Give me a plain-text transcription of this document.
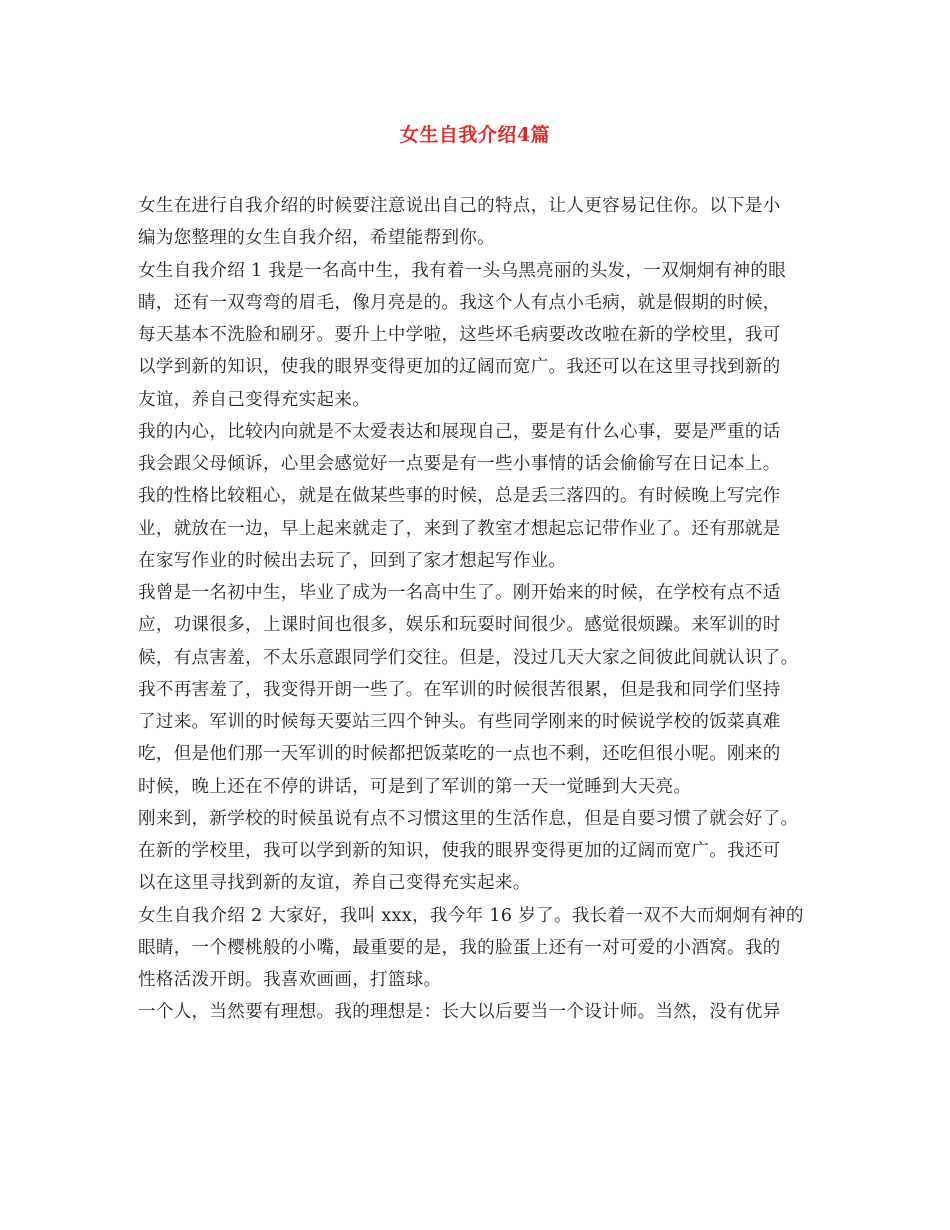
女生自我介绍4篇
女生在进行自我介绍的时候要注意说出自己的特点，让人更容易记住你。以下是小
编为您整理的女生自我介绍，希望能帮到你。
女生自我介绍 1 我是一名高中生，我有着一头乌黑亮丽的头发，一双炯炯有神的眼
睛，还有一双弯弯的眉毛，像月亮是的。我这个人有点小毛病，就是假期的时候，
每天基本不洗脸和刷牙。要升上中学啦，这些坏毛病要改改啦在新的学校里，我可
以学到新的知识，使我的眼界变得更加的辽阔而宽广。我还可以在这里寻找到新的
友谊，养自己变得充实起来。
我的内心，比较内向就是不太爱表达和展现自己，要是有什么心事，要是严重的话
我会跟父母倾诉，心里会感觉好一点要是有一些小事情的话会偷偷写在日记本上。
我的性格比较粗心，就是在做某些事的时候，总是丢三落四的。有时候晚上写完作
业，就放在一边，早上起来就走了，来到了教室才想起忘记带作业了。还有那就是
在家写作业的时候出去玩了，回到了家才想起写作业。
我曾是一名初中生，毕业了成为一名高中生了。刚开始来的时候，在学校有点不适
应，功课很多，上课时间也很多，娱乐和玩耍时间很少。感觉很烦躁。来军训的时
候，有点害羞，不太乐意跟同学们交往。但是，没过几天大家之间彼此间就认识了。
我不再害羞了，我变得开朗一些了。在军训的时候很苦很累，但是我和同学们坚持
了过来。军训的时候每天要站三四个钟头。有些同学刚来的时候说学校的饭菜真难
吃，但是他们那一天军训的时候都把饭菜吃的一点也不剩，还吃但很小呢。刚来的
时候，晚上还在不停的讲话，可是到了军训的第一天一觉睡到大天亮。
刚来到，新学校的时候虽说有点不习惯这里的生活作息，但是自要习惯了就会好了。
在新的学校里，我可以学到新的知识，使我的眼界变得更加的辽阔而宽广。我还可
以在这里寻找到新的友谊，养自己变得充实起来。
女生自我介绍 2 大家好，我叫 xxx，我今年 16 岁了。我长着一双不大而炯炯有神的
眼睛，一个樱桃般的小嘴，最重要的是，我的脸蛋上还有一对可爱的小酒窝。我的
性格活泼开朗。我喜欢画画，打篮球。
一个人，当然要有理想。我的理想是：长大以后要当一个设计师。当然，没有优异
